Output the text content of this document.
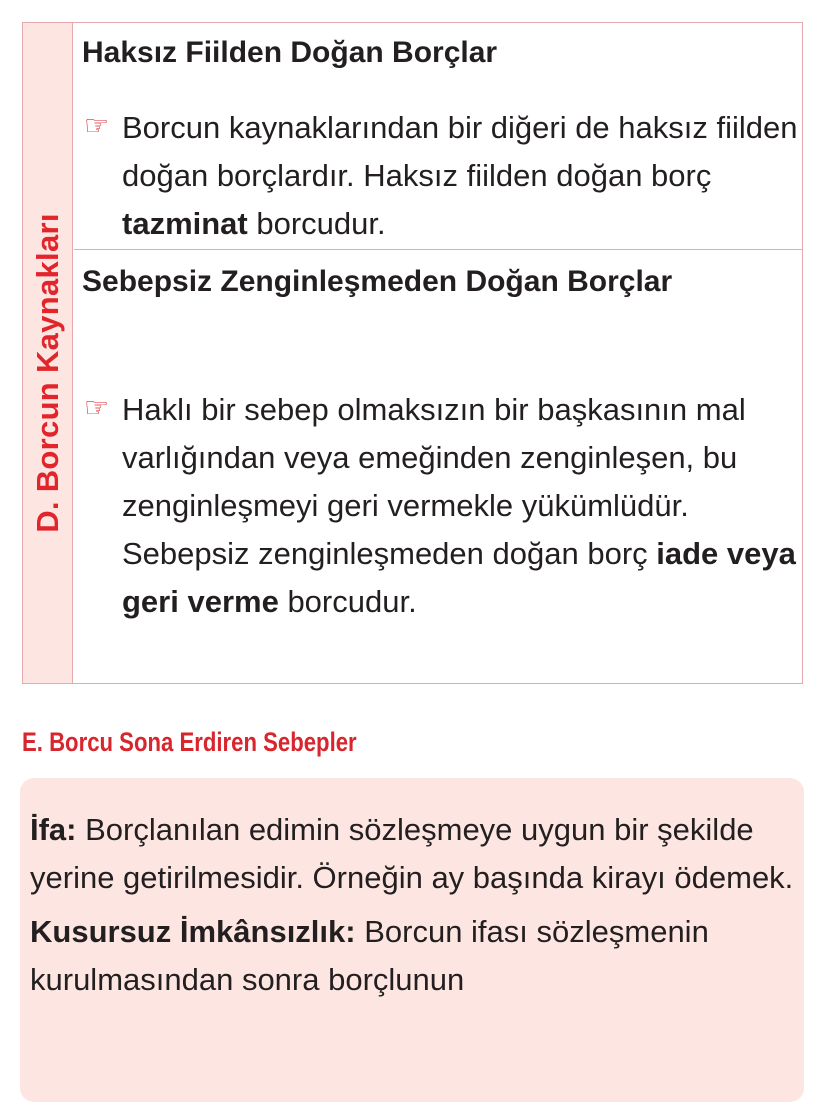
D. Borcun Kaynakları
Haksız Fiilden Doğan Borçlar
☞ Borcun kaynaklarından bir diğeri de haksız fiilden doğan borçlardır. Haksız fiilden doğan borç tazminat borcudur.
Sebepsiz Zenginleşmeden Doğan Borçlar
☞ Haklı bir sebep olmaksızın bir başkasının mal varlığından veya emeğinden zenginleşen, bu zenginleşmeyi geri vermekle yükümlüdür. Sebepsiz zenginleşmeden doğan borç iade veya geri verme borcudur.
E. Borcu Sona Erdiren Sebepler

İfa: Borçlanılan edimin sözleşmeye uygun bir şekilde yerine getirilmesidir. Örneğin ay başında kirayı ödemek.

Kusursuz İmkânsızlık: Borcun ifası sözleşmenin kurulmasından sonra borçlunun
